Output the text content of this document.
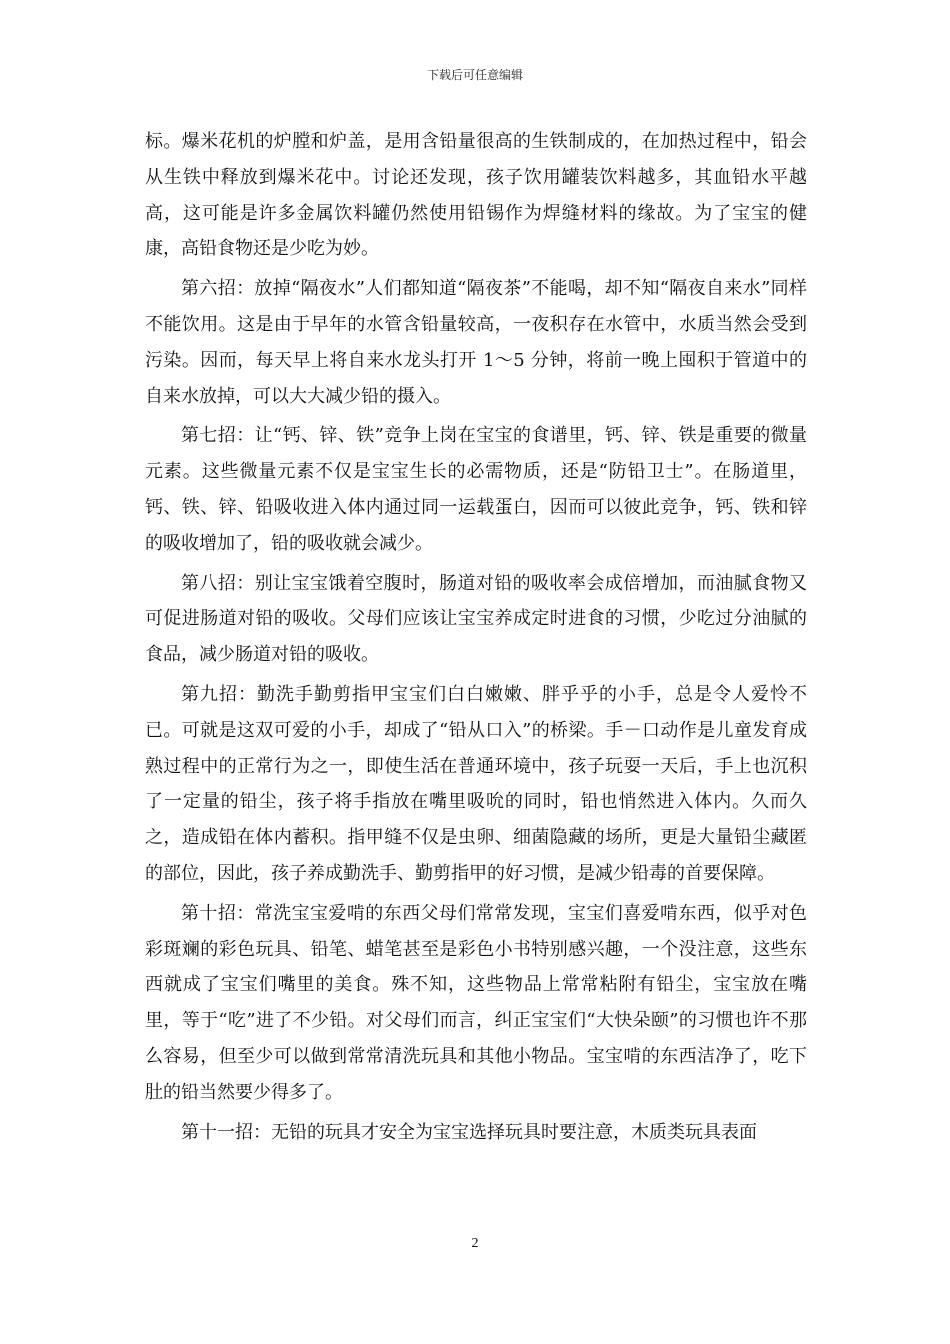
下载后可任意编辑

标。爆米花机的炉膛和炉盖，是用含铅量很高的生铁制成的，在加热过程中，铅会从生铁中释放到爆米花中。讨论还发现，孩子饮用罐装饮料越多，其血铅水平越高，这可能是许多金属饮料罐仍然使用铅锡作为焊缝材料的缘故。为了宝宝的健康，高铅食物还是少吃为妙。

第六招：放掉“隔夜水”人们都知道“隔夜茶”不能喝，却不知“隔夜自来水”同样不能饮用。这是由于早年的水管含铅量较高，一夜积存在水管中，水质当然会受到污染。因而，每天早上将自来水龙头打开 1～5 分钟，将前一晚上囤积于管道中的自来水放掉，可以大大减少铅的摄入。

第七招：让“钙、锌、铁”竞争上岗在宝宝的食谱里，钙、锌、铁是重要的微量元素。这些微量元素不仅是宝宝生长的必需物质，还是“防铅卫士”。在肠道里，钙、铁、锌、铅吸收进入体内通过同一运载蛋白，因而可以彼此竞争，钙、铁和锌的吸收增加了，铅的吸收就会减少。

第八招：别让宝宝饿着空腹时，肠道对铅的吸收率会成倍增加，而油腻食物又可促进肠道对铅的吸收。父母们应该让宝宝养成定时进食的习惯，少吃过分油腻的食品，减少肠道对铅的吸收。

第九招：勤洗手勤剪指甲宝宝们白白嫩嫩、胖乎乎的小手，总是令人爱怜不已。可就是这双可爱的小手，却成了“铅从口入”的桥梁。手－口动作是儿童发育成熟过程中的正常行为之一，即使生活在普通环境中，孩子玩耍一天后，手上也沉积了一定量的铅尘，孩子将手指放在嘴里吸吮的同时，铅也悄然进入体内。久而久之，造成铅在体内蓄积。指甲缝不仅是虫卵、细菌隐藏的场所，更是大量铅尘藏匿的部位，因此，孩子养成勤洗手、勤剪指甲的好习惯，是减少铅毒的首要保障。

第十招：常洗宝宝爱啃的东西父母们常常发现，宝宝们喜爱啃东西，似乎对色彩斑斓的彩色玩具、铅笔、蜡笔甚至是彩色小书特别感兴趣，一个没注意，这些东西就成了宝宝们嘴里的美食。殊不知，这些物品上常常粘附有铅尘，宝宝放在嘴里，等于“吃”进了不少铅。对父母们而言，纠正宝宝们“大快朵颐”的习惯也许不那么容易，但至少可以做到常常清洗玩具和其他小物品。宝宝啃的东西洁净了，吃下肚的铅当然要少得多了。

第十一招：无铅的玩具才安全为宝宝选择玩具时要注意，木质类玩具表面

2
